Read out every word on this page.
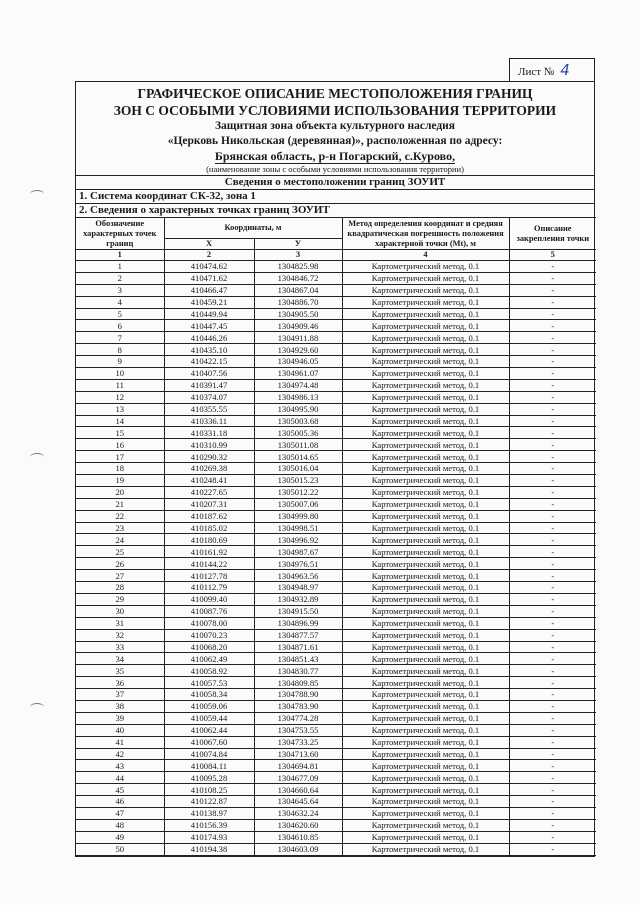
Лист № 4
ГРАФИЧЕСКОЕ ОПИСАНИЕ МЕСТОПОЛОЖЕНИЯ ГРАНИЦ
ЗОН С ОСОБЫМИ УСЛОВИЯМИ ИСПОЛЬЗОВАНИЯ ТЕРРИТОРИИ
Защитная зона объекта культурного наследия
«Церковь Никольская (деревянная)», расположенная по адресу:
Брянская область, р-н Погарский, с.Курово,
(наименование зоны с особыми условиями использования территории)
Сведения о местоположении границ ЗОУИТ
1. Система координат СК-32, зона 1
2. Сведения о характерных точках границ ЗОУИТ
Обозначение характерных точек границ	Координаты, м		Метод определения координат и средняя квадратическая погрешность положения характерной точки (Mt), м	Описание закрепления точки
	X	У		
1	2	3	4	5
1	410474.62	1304825.98	Картометрический метод, 0.1	-
2	410471.62	1304846.72	Картометрический метод, 0.1	-
3	410466.47	1304867.04	Картометрический метод, 0.1	-
4	410459.21	1304886.70	Картометрический метод, 0.1	-
5	410449.94	1304905.50	Картометрический метод, 0.1	-
6	410447.45	1304909.46	Картометрический метод, 0.1	-
7	410446.26	1304911.88	Картометрический метод, 0.1	-
8	410435.10	1304929.60	Картометрический метод, 0.1	-
9	410422.15	1304946.05	Картометрический метод, 0.1	-
10	410407.56	1304961.07	Картометрический метод, 0.1	-
11	410391.47	1304974.48	Картометрический метод, 0.1	-
12	410374.07	1304986.13	Картометрический метод, 0.1	-
13	410355.55	1304995.90	Картометрический метод, 0.1	-
14	410336.11	1305003.68	Картометрический метод, 0.1	-
15	410331.18	1305005.36	Картометрический метод, 0.1	-
16	410310.99	1305011.08	Картометрический метод, 0.1	-
17	410290.32	1305014.65	Картометрический метод, 0.1	-
18	410269.38	1305016.04	Картометрический метод, 0.1	-
19	410248.41	1305015.23	Картометрический метод, 0.1	-
20	410227.65	1305012.22	Картометрический метод, 0.1	-
21	410207.31	1305007.06	Картометрический метод, 0.1	-
22	410187.62	1304999.80	Картометрический метод, 0.1	-
23	410185.02	1304998.51	Картометрический метод, 0.1	-
24	410180.69	1304996.92	Картометрический метод, 0.1	-
25	410161.92	1304987.67	Картометрический метод, 0.1	-
26	410144.22	1304976.51	Картометрический метод, 0.1	-
27	410127.78	1304963.56	Картометрический метод, 0.1	-
28	410112.79	1304948.97	Картометрический метод, 0.1	-
29	410099.40	1304932.89	Картометрический метод, 0.1	-
30	410087.76	1304915.50	Картометрический метод, 0.1	-
31	410078.00	1304896.99	Картометрический метод, 0.1	-
32	410070.23	1304877.57	Картометрический метод, 0.1	-
33	410068.20	1304871.61	Картометрический метод, 0.1	-
34	410062.49	1304851.43	Картометрический метод, 0.1	-
35	410058.92	1304830.77	Картометрический метод, 0.1	-
36	410057.53	1304809.85	Картометрический метод, 0.1	-
37	410058.34	1304788.90	Картометрический метод, 0.1	-
38	410059.06	1304783.90	Картометрический метод, 0.1	-
39	410059.44	1304774.28	Картометрический метод, 0.1	-
40	410062.44	1304753.55	Картометрический метод, 0.1	-
41	410067.60	1304733.25	Картометрический метод, 0.1	-
42	410074.84	1304713.60	Картометрический метод, 0.1	-
43	410084.11	1304694.81	Картометрический метод, 0.1	-
44	410095.28	1304677.09	Картометрический метод, 0.1	-
45	410108.25	1304660.64	Картометрический метод, 0.1	-
46	410122.87	1304645.64	Картометрический метод, 0.1	-
47	410138.97	1304632.24	Картометрический метод, 0.1	-
48	410156.39	1304620.60	Картометрический метод, 0.1	-
49	410174.93	1304610.85	Картометрический метод, 0.1	-
50	410194.38	1304603.09	Картометрический метод, 0.1	-
